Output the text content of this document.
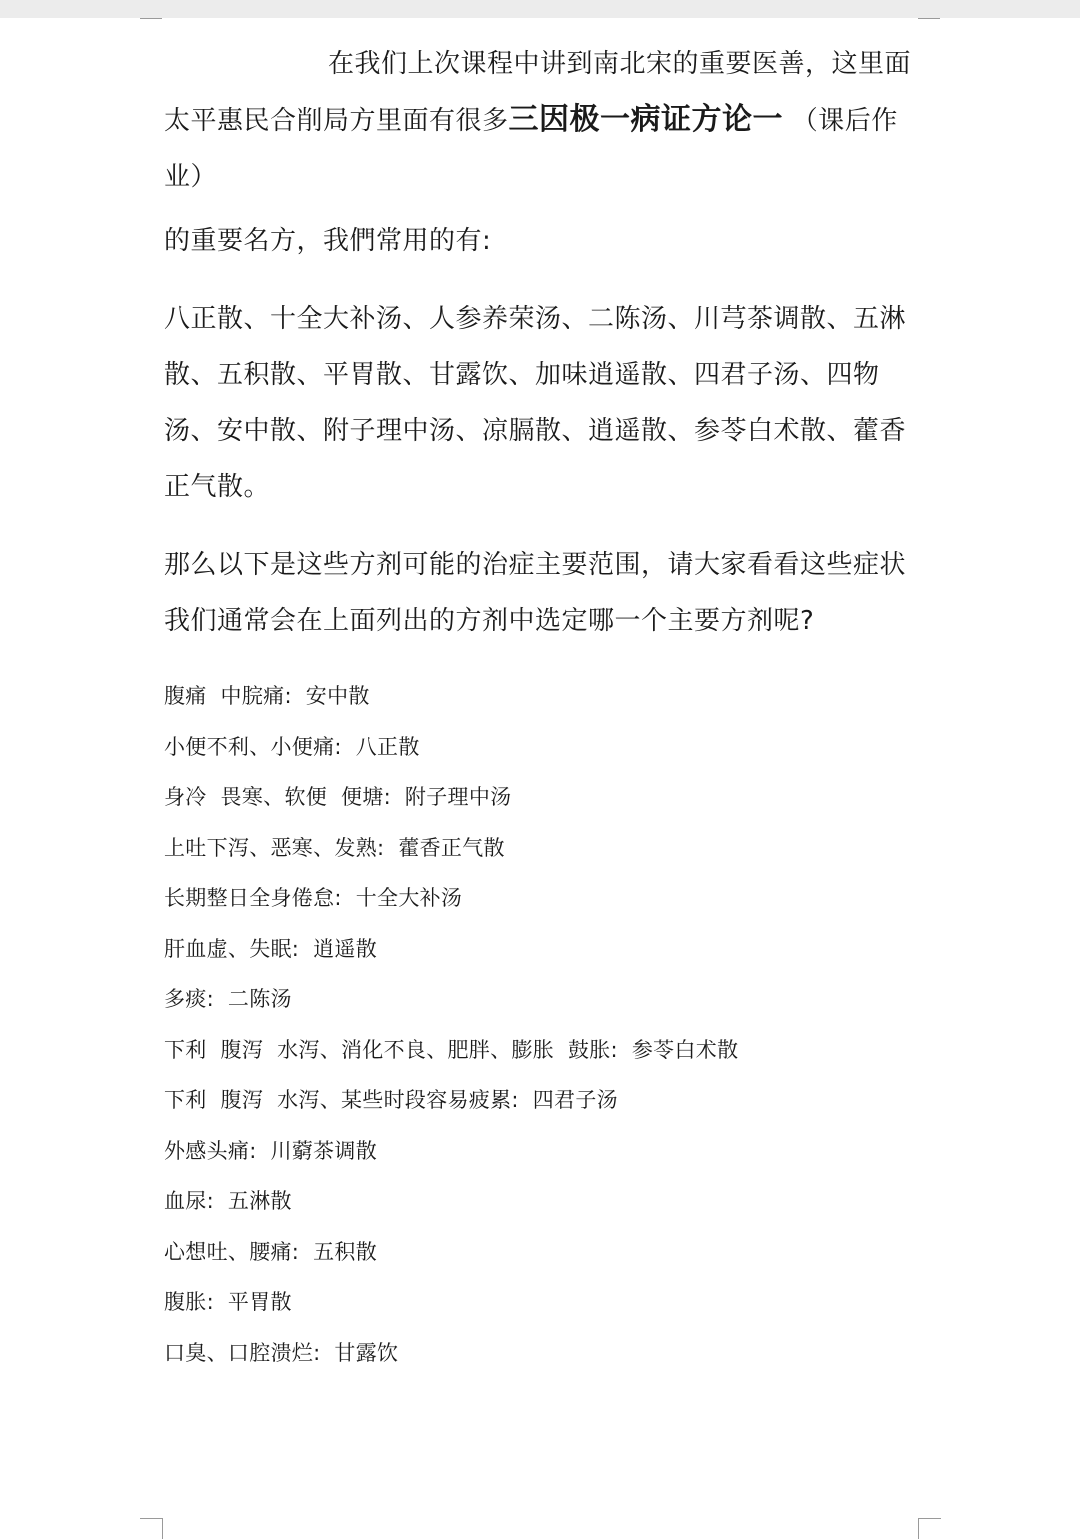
在我们上次课程中讲到南北宋的重要医善，这里面太平惠民合削局方里面有很多三因极一病证方论一 （课后作业）

的重要名方，我們常用的有:

八正散、十全大补汤、人参养荣汤、二陈汤、川芎茶调散、五淋散、五积散、平胃散、甘露饮、加味逍遥散、四君子汤、四物汤、安中散、附子理中汤、凉膈散、逍遥散、参苓白术散、藿香正气散。

那么以下是这些方剂可能的治症主要范围，请大家看看这些症状我们通常会在上面列出的方剂中选定哪一个主要方剂呢?

腹痛  中脘痛:  安中散

小便不利、小便痛:  八正散

身冷  畏寒、软便  便塘:  附子理中汤

上吐下泻、恶寒、发熟:  藿香正气散

长期整日全身倦怠:  十全大补汤

肝血虚、失眠:  逍遥散

多痰:  二陈汤

下利  腹泻  水泻、消化不良、肥胖、膨胀  鼓胀:  参苓白术散

下利  腹泻  水泻、某些时段容易疲累:  四君子汤

外感头痛:  川藭茶调散

血尿:  五淋散

心想吐、腰痛:  五积散

腹胀:  平胃散

口臭、口腔溃烂:  甘露饮
